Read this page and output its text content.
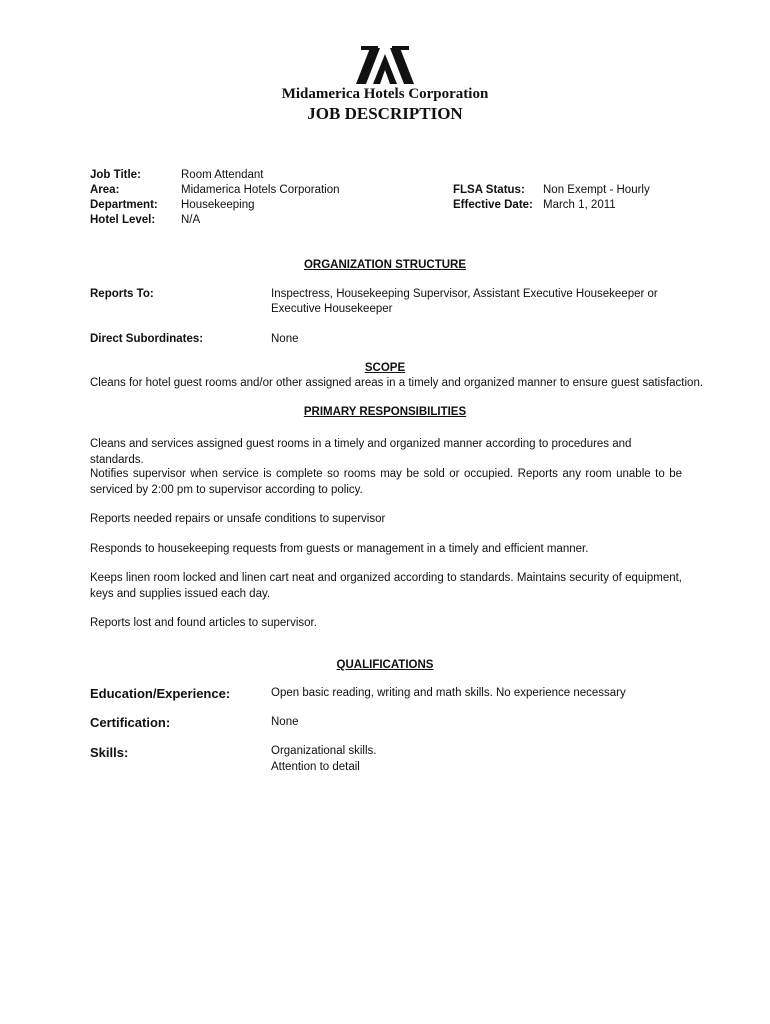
Midamerica Hotels Corporation
JOB DESCRIPTION
Job Title:	Room Attendant
Area:	Midamerica Hotels Corporation
Department: Housekeeping
Hotel Level: N/A
FLSA Status: Non Exempt - Hourly
Effective Date: March 1, 2011
ORGANIZATION STRUCTURE
Reports To:	Inspectress, Housekeeping Supervisor, Assistant Executive Housekeeper or
Executive Housekeeper
Direct Subordinates:	None
SCOPE
Cleans for hotel guest rooms and/or other assigned areas in a timely and organized manner to ensure guest satisfaction.
PRIMARY RESPONSIBILITIES
Cleans and services assigned guest rooms in a timely and organized manner according to procedures and standards.
Notifies supervisor when service is complete so rooms may be sold or occupied. Reports any room unable to be serviced by 2:00 pm to supervisor according to policy.
Reports needed repairs or unsafe conditions to supervisor
Responds to housekeeping requests from guests or management in a timely and efficient manner.
Keeps linen room locked and linen cart neat and organized according to standards. Maintains security of equipment, keys and supplies issued each day.
Reports lost and found articles to supervisor.
QUALIFICATIONS
Education/Experience:	Open basic reading, writing and math skills. No experience necessary
Certification:	None
Skills:	Organizational skills.
Attention to detail
